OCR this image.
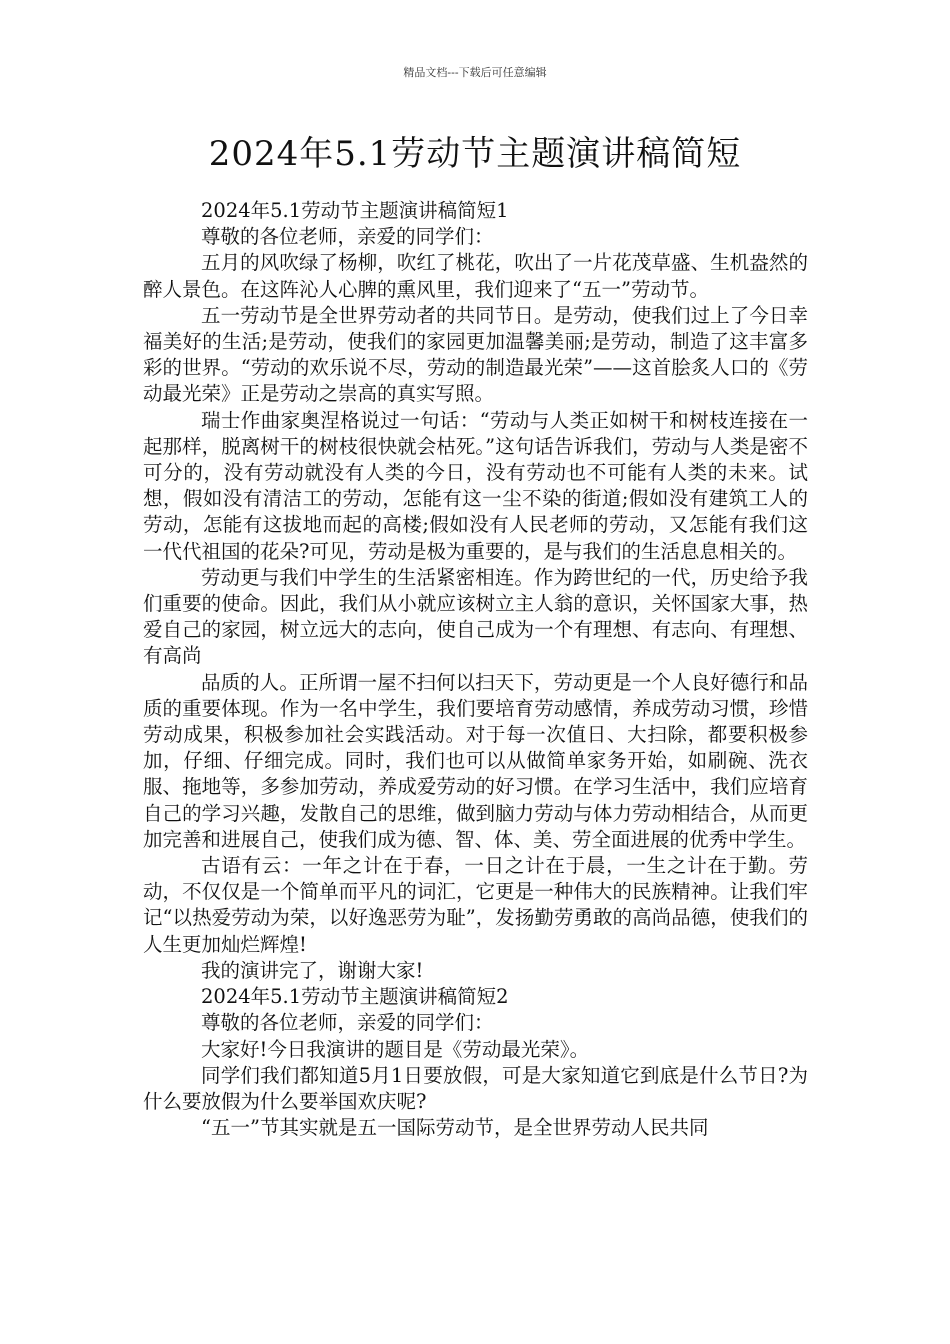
精品文档---下载后可任意编辑
2024年5.1劳动节主题演讲稿简短

2024年5.1劳动节主题演讲稿简短1

尊敬的各位老师，亲爱的同学们：

五月的风吹绿了杨柳，吹红了桃花，吹出了一片花茂草盛、生机盎然的醉人景色。在这阵沁人心脾的熏风里，我们迎来了“五一”劳动节。

五一劳动节是全世界劳动者的共同节日。是劳动，使我们过上了今日幸福美好的生活;是劳动，使我们的家园更加温馨美丽;是劳动，制造了这丰富多彩的世界。“劳动的欢乐说不尽，劳动的制造最光荣”——这首脍炙人口的《劳动最光荣》正是劳动之崇高的真实写照。

瑞士作曲家奥涅格说过一句话：“劳动与人类正如树干和树枝连接在一起那样，脱离树干的树枝很快就会枯死。”这句话告诉我们，劳动与人类是密不可分的，没有劳动就没有人类的今日，没有劳动也不可能有人类的未来。试想，假如没有清洁工的劳动，怎能有这一尘不染的街道;假如没有建筑工人的劳动，怎能有这拔地而起的高楼;假如没有人民老师的劳动，又怎能有我们这一代代祖国的花朵?可见，劳动是极为重要的，是与我们的生活息息相关的。

劳动更与我们中学生的生活紧密相连。作为跨世纪的一代，历史给予我们重要的使命。因此，我们从小就应该树立主人翁的意识，关怀国家大事，热爱自己的家园，树立远大的志向，使自己成为一个有理想、有志向、有理想、有高尚

品质的人。正所谓一屋不扫何以扫天下，劳动更是一个人良好德行和品质的重要体现。作为一名中学生，我们要培育劳动感情，养成劳动习惯，珍惜劳动成果，积极参加社会实践活动。对于每一次值日、大扫除，都要积极参加，仔细、仔细完成。同时，我们也可以从做简单家务开始，如刷碗、洗衣服、拖地等，多参加劳动，养成爱劳动的好习惯。在学习生活中，我们应培育自己的学习兴趣，发散自己的思维，做到脑力劳动与体力劳动相结合，从而更加完善和进展自己，使我们成为德、智、体、美、劳全面进展的优秀中学生。

古语有云：一年之计在于春，一日之计在于晨，一生之计在于勤。劳动，不仅仅是一个简单而平凡的词汇，它更是一种伟大的民族精神。让我们牢记“以热爱劳动为荣，以好逸恶劳为耻”，发扬勤劳勇敢的高尚品德，使我们的人生更加灿烂辉煌!

我的演讲完了，谢谢大家!

2024年5.1劳动节主题演讲稿简短2

尊敬的各位老师，亲爱的同学们：

大家好!今日我演讲的题目是《劳动最光荣》。

同学们我们都知道5月1日要放假，可是大家知道它到底是什么节日?为什么要放假为什么要举国欢庆呢?

“五一”节其实就是五一国际劳动节，是全世界劳动人民共同
